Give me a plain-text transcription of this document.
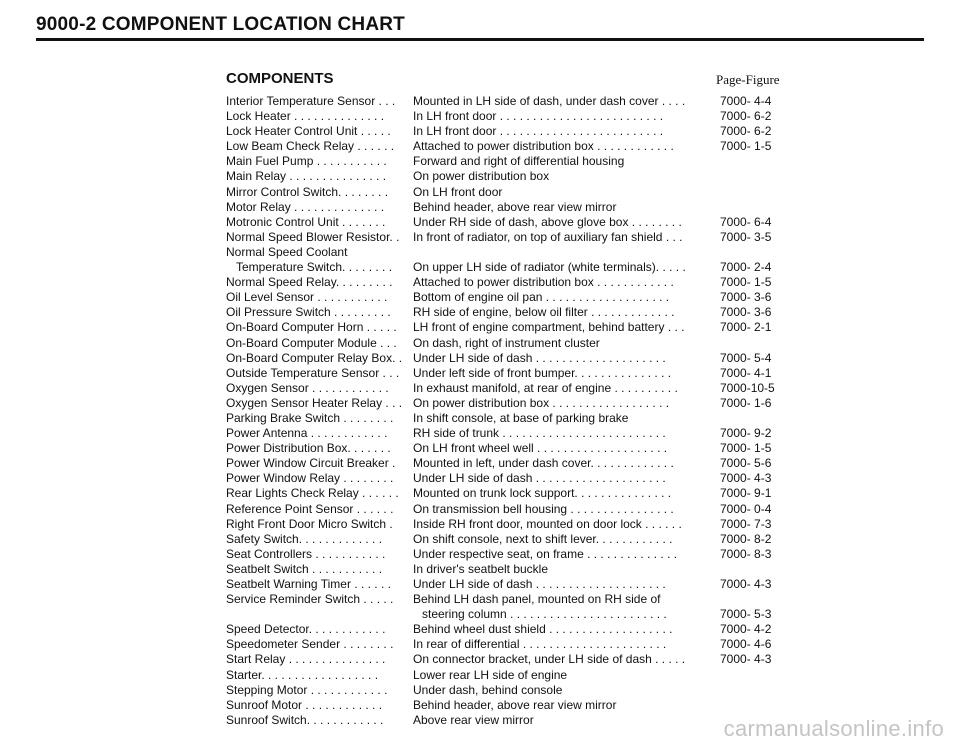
9000-2 COMPONENT LOCATION CHART
COMPONENTS	Page-Figure
Interior Temperature Sensor . . .	Mounted in LH side of dash, under dash cover . . . .	7000- 4-4
Lock Heater . . . . . . . . . . . . . .	In LH front door . . . . . . . . . . . . . . . . . . . . . . . . .	7000- 6-2
Lock Heater Control Unit . . . . .	In LH front door . . . . . . . . . . . . . . . . . . . . . . . . .	7000- 6-2
Low Beam Check Relay . . . . . .	Attached to power distribution box . . . . . . . . . . . .	7000- 1-5
Main Fuel Pump . . . . . . . . . . .	Forward and right of differential housing
Main Relay . . . . . . . . . . . . . . .	On power distribution box
Mirror Control Switch. . . . . . . .	On LH front door
Motor Relay . . . . . . . . . . . . . .	Behind header, above rear view mirror
Motronic Control Unit . . . . . . .	Under RH side of dash, above glove box . . . . . . . .	7000- 6-4
Normal Speed Blower Resistor. .	In front of radiator, on top of auxiliary fan shield . . .	7000- 3-5
Normal Speed Coolant
Temperature Switch. . . . . . . .	On upper LH side of radiator (white terminals). . . . .	7000- 2-4
Normal Speed Relay. . . . . . . . .	Attached to power distribution box . . . . . . . . . . . .	7000- 1-5
Oil Level Sensor . . . . . . . . . . .	Bottom of engine oil pan . . . . . . . . . . . . . . . . . . .	7000- 3-6
Oil Pressure Switch . . . . . . . . .	RH side of engine, below oil filter . . . . . . . . . . . . .	7000- 3-6
On-Board Computer Horn . . . . .	LH front of engine compartment, behind battery . . .	7000- 2-1
On-Board Computer Module . . .	On dash, right of instrument cluster
On-Board Computer Relay Box. . Under LH side of dash . . . . . . . . . . . . . . . . . . . .	7000- 5-4
Outside Temperature Sensor . . .	Under left side of front bumper. . . . . . . . . . . . . . .	7000- 4-1
Oxygen Sensor . . . . . . . . . . . .	In exhaust manifold, at rear of engine . . . . . . . . . .	7000-10-5
Oxygen Sensor Heater Relay . . . On power distribution box . . . . . . . . . . . . . . . . . .	7000- 1-6
Parking Brake Switch . . . . . . . .	In shift console, at base of parking brake
Power Antenna . . . . . . . . . . . .	RH side of trunk . . . . . . . . . . . . . . . . . . . . . . . . .	7000- 9-2
Power Distribution Box. . . . . . .	On LH front wheel well . . . . . . . . . . . . . . . . . . . .	7000- 1-5
Power Window Circuit Breaker .	Mounted in left, under dash cover. . . . . . . . . . . . .	7000- 5-6
Power Window Relay . . . . . . . .	Under LH side of dash . . . . . . . . . . . . . . . . . . . .	7000- 4-3
Rear Lights Check Relay . . . . . .	Mounted on trunk lock support. . . . . . . . . . . . . . .	7000- 9-1
Reference Point Sensor . . . . . .	On transmission bell housing . . . . . . . . . . . . . . . .	7000- 0-4
Right Front Door Micro Switch .	Inside RH front door, mounted on door lock . . . . . .	7000- 7-3
Safety Switch. . . . . . . . . . . . .	On shift console, next to shift lever. . . . . . . . . . . .	7000- 8-2
Seat Controllers . . . . . . . . . . .	Under respective seat, on frame . . . . . . . . . . . . . .	7000- 8-3
Seatbelt Switch . . . . . . . . . . .	In driver's seatbelt buckle
Seatbelt Warning Timer . . . . . .	Under LH side of dash . . . . . . . . . . . . . . . . . . . .	7000- 4-3
Service Reminder Switch . . . . .	Behind LH dash panel, mounted on RH side of
steering column . . . . . . . . . . . . . . . . . . . . . . . .	7000- 5-3
Speed Detector. . . . . . . . . . . .	Behind wheel dust shield . . . . . . . . . . . . . . . . . . .	7000- 4-2
Speedometer Sender . . . . . . . .	In rear of differential . . . . . . . . . . . . . . . . . . . . . .	7000- 4-6
Start Relay . . . . . . . . . . . . . . .	On connector bracket, under LH side of dash . . . . .	7000- 4-3
Starter. . . . . . . . . . . . . . . . . .	Lower rear LH side of engine
Stepping Motor . . . . . . . . . . . .	Under dash, behind console
Sunroof Motor . . . . . . . . . . . .	Behind header, above rear view mirror
Sunroof Switch. . . . . . . . . . . .	Above rear view mirror	carmanualsonline.info
